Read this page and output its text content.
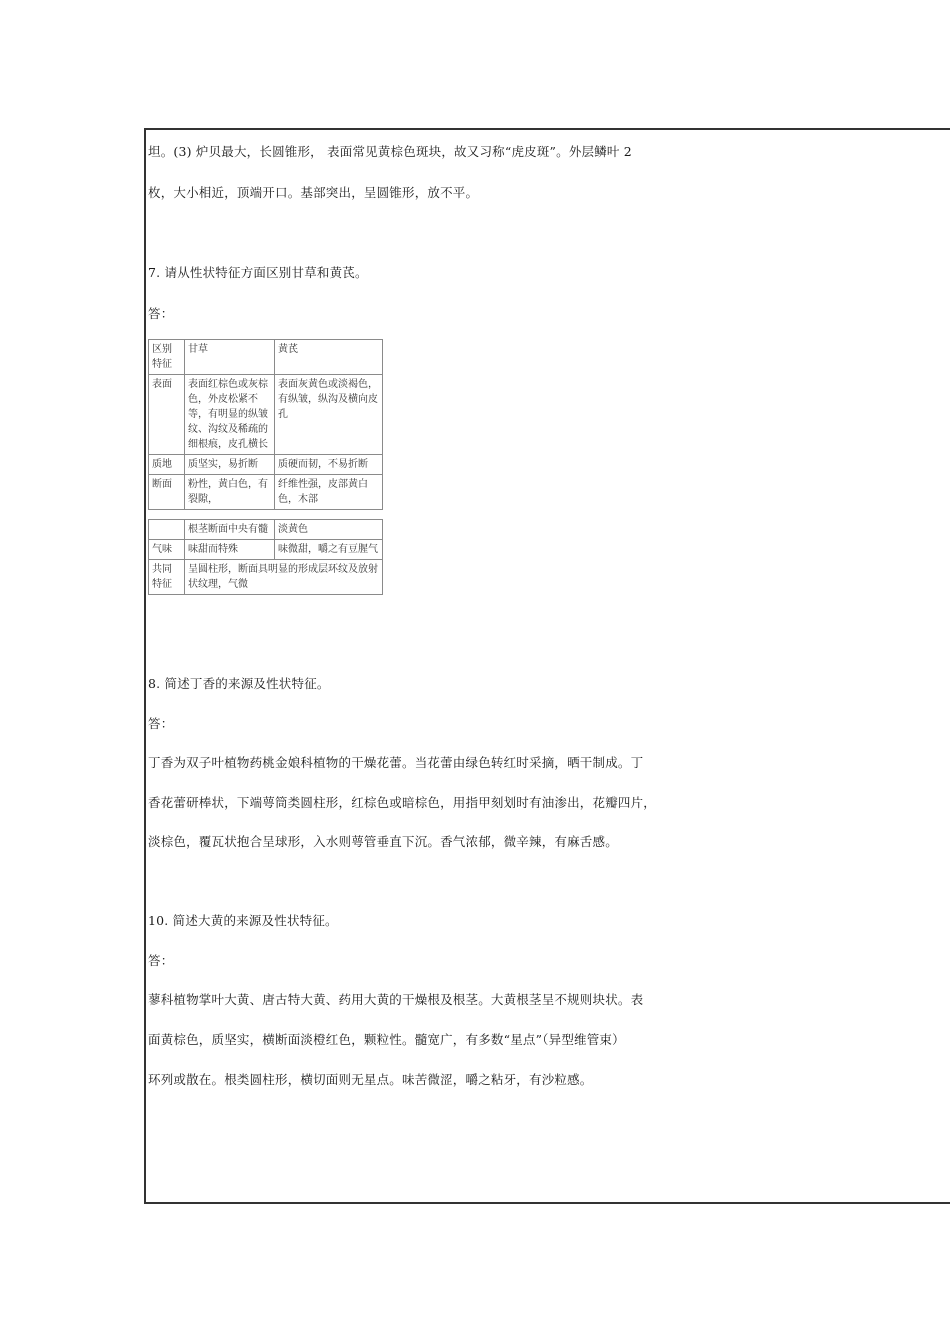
坦。(3) 炉贝最大，长圆锥形， 表面常见黄棕色斑块，故又习称“虎皮斑”。外层鳞叶 2
枚，大小相近，顶端开口。基部突出，呈圆锥形，放不平。
7. 请从性状特征方面区别甘草和黄芪。
答：
区别特征	甘草	黄芪
表面	表面红棕色或灰棕色，外皮松紧不等，有明显的纵皱纹、沟纹及稀疏的细根痕，皮孔横长	表面灰黄色或淡褐色，有纵皱，纵沟及横向皮孔
质地	质坚实，易折断	质硬而韧，不易折断
断面	粉性，黄白色，有裂隙，	纤维性强，皮部黄白色，木部
	根茎断面中央有髓	淡黄色
气味	味甜而特殊	味微甜，嚼之有豆腥气
共同特征	呈圆柱形，断面具明显的形成层环纹及放射状纹理，气微	
8. 简述丁香的来源及性状特征。
答：
丁香为双子叶植物药桃金娘科植物的干燥花蕾。当花蕾由绿色转红时采摘，晒干制成。丁
香花蕾研棒状，下端萼筒类圆柱形，红棕色或暗棕色，用指甲刻划时有油渗出，花瓣四片，
淡棕色，覆瓦状抱合呈球形，入水则萼管垂直下沉。香气浓郁，微辛辣，有麻舌感。
10. 简述大黄的来源及性状特征。
答：
蓼科植物掌叶大黄、唐古特大黄、药用大黄的干燥根及根茎。大黄根茎呈不规则块状。表
面黄棕色，质坚实，横断面淡橙红色，颗粒性。髓宽广，有多数“星点”（异型维管束）
环列或散在。根类圆柱形，横切面则无星点。味苦微涩，嚼之粘牙，有沙粒感。
